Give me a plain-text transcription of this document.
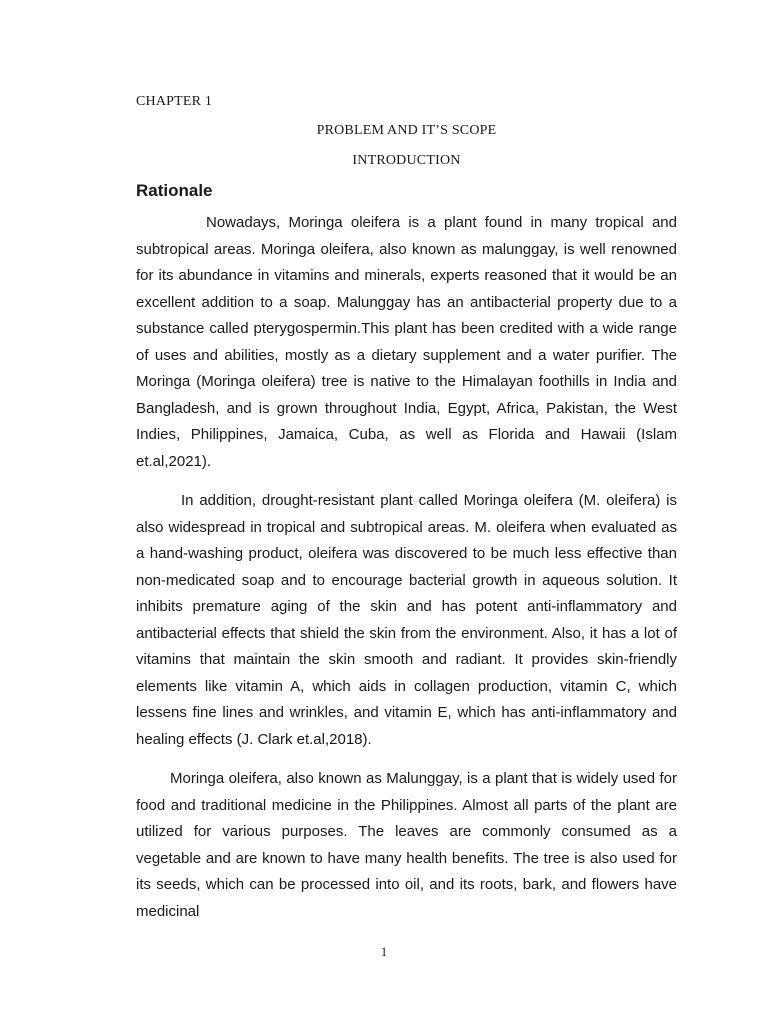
CHAPTER 1
PROBLEM AND IT’S SCOPE
INTRODUCTION
Rationale

Nowadays, Moringa oleifera is a plant found in many tropical and subtropical areas. Moringa oleifera, also known as malunggay, is well renowned for its abundance in vitamins and minerals, experts reasoned that it would be an excellent addition to a soap. Malunggay has an antibacterial property due to a substance called pterygospermin.This plant has been credited with a wide range of uses and abilities, mostly as a dietary supplement and a water purifier. The Moringa (Moringa oleifera) tree is native to the Himalayan foothills in India and Bangladesh, and is grown throughout India, Egypt, Africa, Pakistan, the West Indies, Philippines, Jamaica, Cuba, as well as Florida and Hawaii (Islam et.al,2021).

In addition, drought-resistant plant called Moringa oleifera (M. oleifera) is also widespread in tropical and subtropical areas. M. oleifera when evaluated as a hand-washing product, oleifera was discovered to be much less effective than non-medicated soap and to encourage bacterial growth in aqueous solution. It inhibits premature aging of the skin and has potent anti-inflammatory and antibacterial effects that shield the skin from the environment. Also, it has a lot of vitamins that maintain the skin smooth and radiant. It provides skin-friendly elements like vitamin A, which aids in collagen production, vitamin C, which lessens fine lines and wrinkles, and vitamin E, which has anti-inflammatory and healing effects (J. Clark et.al,2018).

Moringa oleifera, also known as Malunggay, is a plant that is widely used for food and traditional medicine in the Philippines. Almost all parts of the plant are utilized for various purposes. The leaves are commonly consumed as a vegetable and are known to have many health benefits. The tree is also used for its seeds, which can be processed into oil, and its roots, bark, and flowers have medicinal

1
